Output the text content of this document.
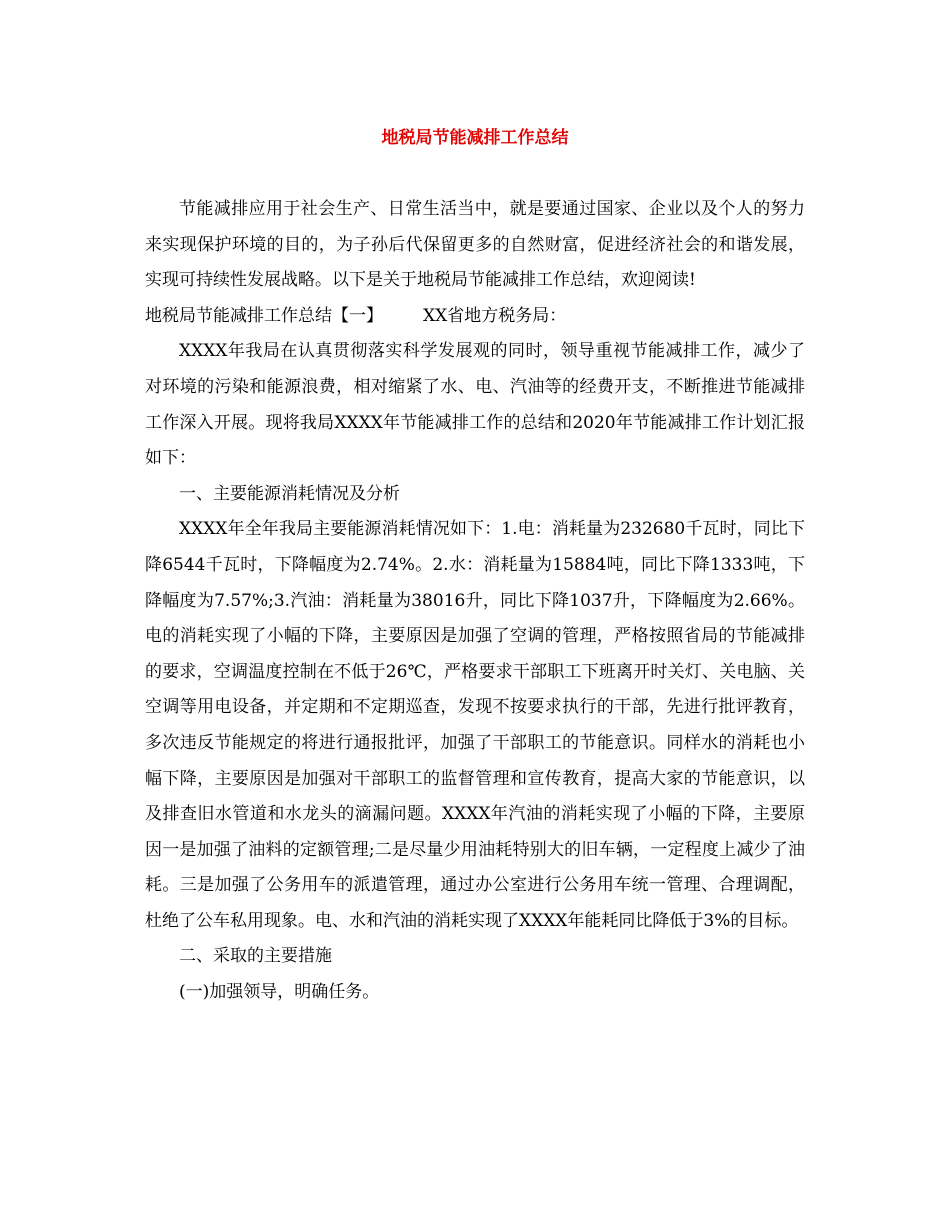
地税局节能减排工作总结

节能减排应用于社会生产、日常生活当中，就是要通过国家、企业以及个人的努力来实现保护环境的目的，为子孙后代保留更多的自然财富，促进经济社会的和谐发展，实现可持续性发展战略。以下是关于地税局节能减排工作总结，欢迎阅读!

地税局节能减排工作总结【一】 XX省地方税务局：

XXXX年我局在认真贯彻落实科学发展观的同时，领导重视节能减排工作，减少了对环境的污染和能源浪费，相对缩紧了水、电、汽油等的经费开支，不断推进节能减排工作深入开展。现将我局XXXX年节能减排工作的总结和2020年节能减排工作计划汇报如下：

一、主要能源消耗情况及分析

XXXX年全年我局主要能源消耗情况如下：1.电：消耗量为232680千瓦时，同比下降6544千瓦时，下降幅度为2.74%。2.水：消耗量为15884吨，同比下降1333吨，下降幅度为7.57%;3.汽油：消耗量为38016升，同比下降1037升，下降幅度为2.66%。电的消耗实现了小幅的下降，主要原因是加强了空调的管理，严格按照省局的节能减排的要求，空调温度控制在不低于26℃，严格要求干部职工下班离开时关灯、关电脑、关空调等用电设备，并定期和不定期巡查，发现不按要求执行的干部，先进行批评教育，多次违反节能规定的将进行通报批评，加强了干部职工的节能意识。同样水的消耗也小幅下降，主要原因是加强对干部职工的监督管理和宣传教育，提高大家的节能意识，以及排查旧水管道和水龙头的滴漏问题。XXXX年汽油的消耗实现了小幅的下降，主要原因一是加强了油料的定额管理;二是尽量少用油耗特别大的旧车辆，一定程度上减少了油耗。三是加强了公务用车的派遣管理，通过办公室进行公务用车统一管理、合理调配，杜绝了公车私用现象。电、水和汽油的消耗实现了XXXX年能耗同比降低于3%的目标。

二、采取的主要措施

(一)加强领导，明确任务。
